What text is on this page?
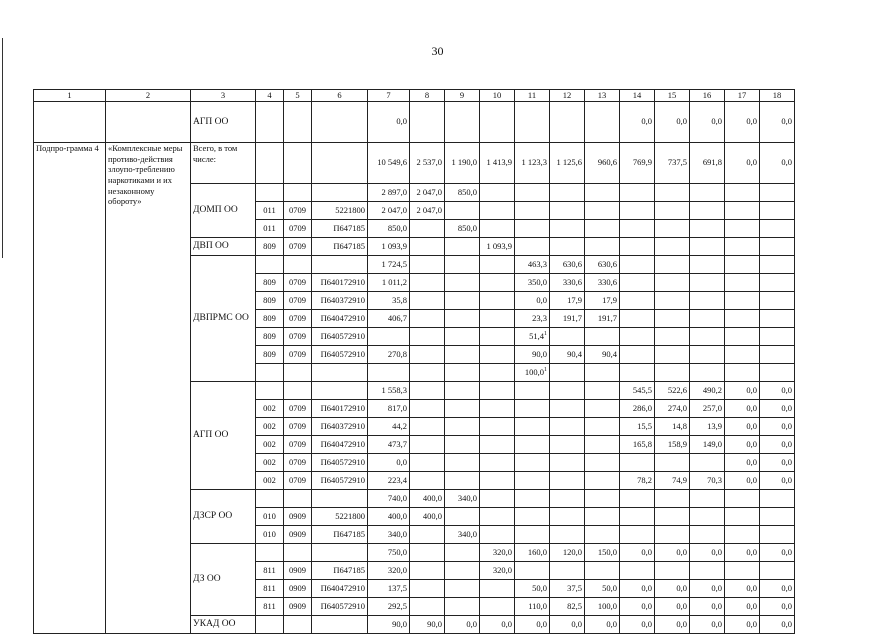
30
1	2	3	4	5	6	7	8	9	10	11	12	13	14	15	16	17	18
		АГП ОО				0,0							0,0	0,0	0,0	0,0	0,0
Подпро-грамма 4	«Комплексные меры противо-действия злоупо-треблению наркотиками и их незаконному обороту»	Всего, в том числе:				10 549,6	2 537,0	1 190,0	1 413,9	1 123,3	1 125,6	960,6	769,9	737,5	691,8	0,0	0,0
		ДОМП ОО				2 897,0	2 047,0	850,0									
			011	0709	5221800	2 047,0	2 047,0										
			011	0709	П647185	850,0		850,0									
		ДВП ОО	809	0709	П647185	1 093,9			1 093,9								
		ДВПРМС ОО				1 724,5				463,3	630,6	630,6					
			809	0709	П640172910	1 011,2				350,0	330,6	330,6					
			809	0709	П640372910	35,8				0,0	17,9	17,9					
			809	0709	П640472910	406,7				23,3	191,7	191,7					
			809	0709	П640572910					51,4$^1$							
			809	0709	П640572910	270,8				90,0	90,4	90,4					
										100,0$^1$							
		АГП ОО				1 558,3							545,5	522,6	490,2	0,0	0,0
			002	0709	П640172910	817,0							286,0	274,0	257,0	0,0	0,0
			002	0709	П640372910	44,2							15,5	14,8	13,9	0,0	0,0
			002	0709	П640472910	473,7							165,8	158,9	149,0	0,0	0,0
			002	0709	П640572910	0,0										0,0	0,0
			002	0709	П640572910	223,4							78,2	74,9	70,3	0,0	0,0
		ДЗСР ОО				740,0	400,0	340,0									
			010	0909	5221800	400,0	400,0										
			010	0909	П647185	340,0		340,0									
		ДЗ ОО				750,0			320,0	160,0	120,0	150,0	0,0	0,0	0,0	0,0	0,0
			811	0909	П647185	320,0			320,0								
			811	0909	П640472910	137,5				50,0	37,5	50,0	0,0	0,0	0,0	0,0	0,0
			811	0909	П640572910	292,5				110,0	82,5	100,0	0,0	0,0	0,0	0,0	0,0
		УКАД ОО				90,0	90,0	0,0	0,0	0,0	0,0	0,0	0,0	0,0	0,0	0,0	0,0
